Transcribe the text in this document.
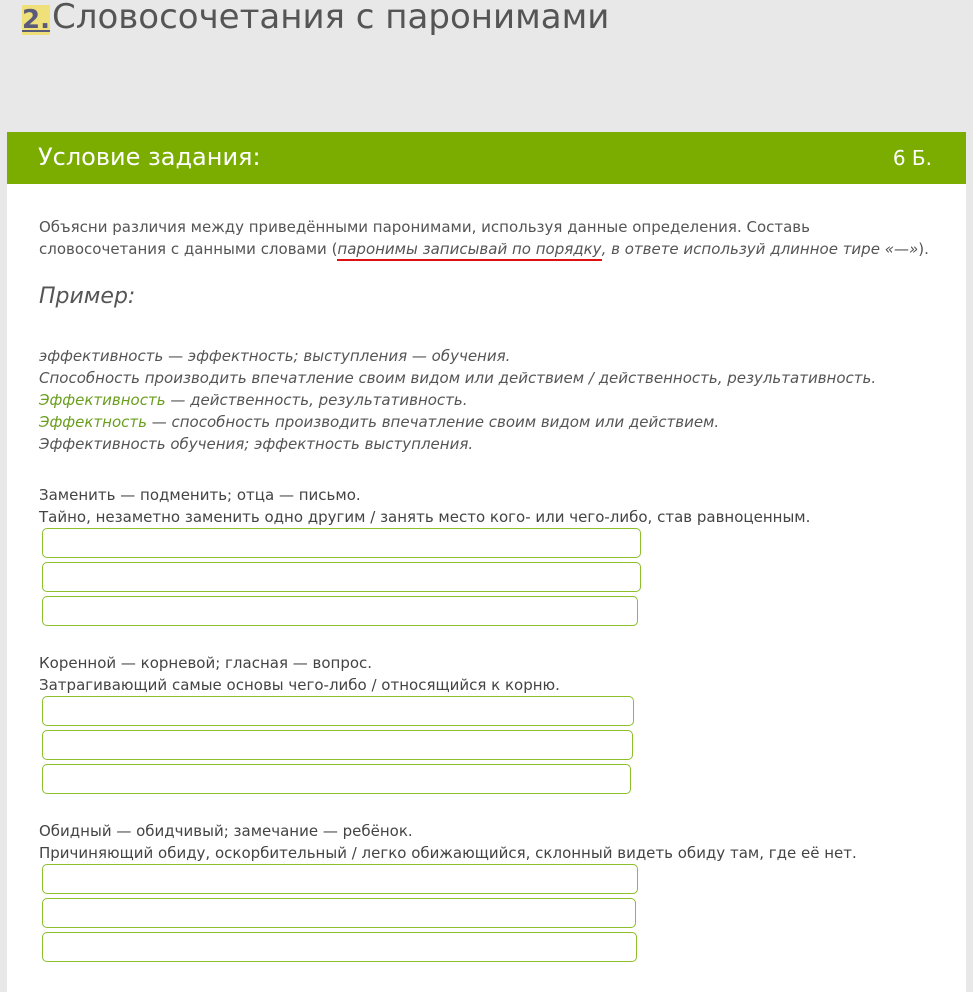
2.Словосочетания с паронимами
Условие задания:	6 Б.

Объясни различия между приведёнными паронимами, используя данные определения. Составь словосочетания с данными словами (паронимы записывай по порядку, в ответе используй длинное тире «—»).

Пример:
эффективность — эффектность; выступления — обучения.
Способность производить впечатление своим видом или действием / действенность, результативность.
Эффективность — действенность, результативность.
Эффектность — способность производить впечатление своим видом или действием.
Эффективность обучения; эффектность выступления.
Заменить — подменить; отца — письмо.
Тайно, незаметно заменить одно другим / занять место кого- или чего-либо, став равноценным.
Коренной — корневой; гласная — вопрос.
Затрагивающий самые основы чего-либо / относящийся к корню.
Обидный — обидчивый; замечание — ребёнок.
Причиняющий обиду, оскорбительный / легко обижающийся, склонный видеть обиду там, где её нет.
